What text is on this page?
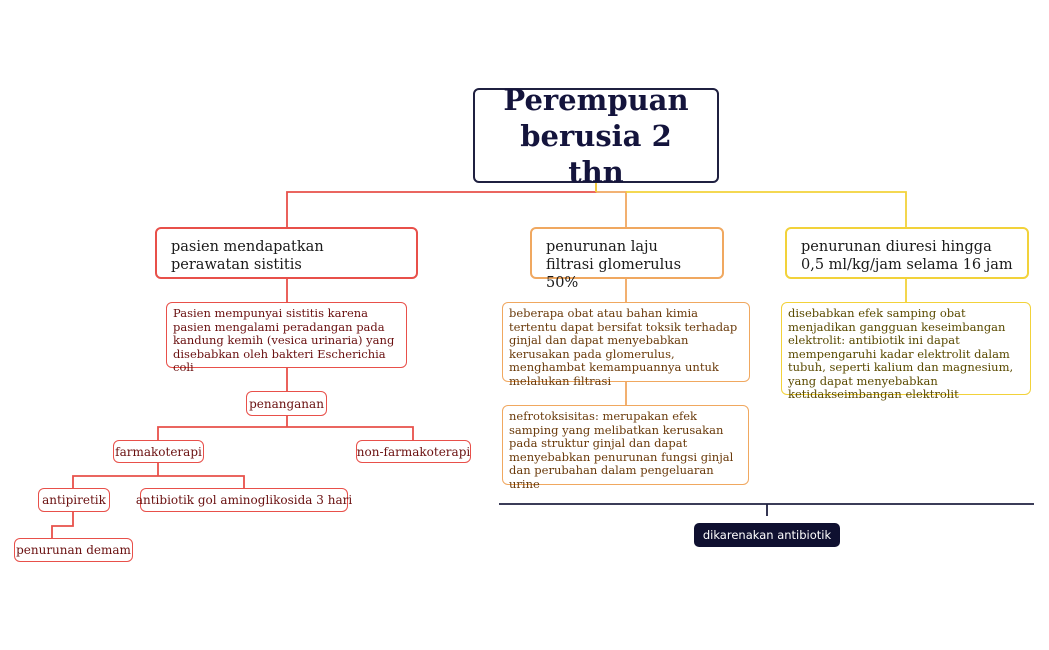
Perempuan berusia 2 thn
pasien mendapatkan perawatan sistitis
penurunan laju filtrasi glomerulus 50%
penurunan diuresi hingga 0,5 ml/kg/jam selama 16 jam
Pasien mempunyai sistitis karena pasien mengalami peradangan pada kandung kemih (vesica urinaria) yang disebabkan oleh bakteri Escherichia coli
beberapa obat atau bahan kimia tertentu dapat bersifat toksik terhadap ginjal dan dapat menyebabkan kerusakan pada glomerulus, menghambat kemampuannya untuk melalukan filtrasi
nefrotoksisitas: merupakan efek samping yang melibatkan kerusakan pada struktur ginjal dan dapat menyebabkan penurunan fungsi ginjal dan perubahan dalam pengeluaran urine
disebabkan efek samping obat menjadikan gangguan keseimbangan elektrolit: antibiotik ini dapat mempengaruhi kadar elektrolit dalam tubuh, seperti kalium dan magnesium, yang dapat menyebabkan ketidakseimbangan elektrolit
penanganan
farmakoterapi	non-farmakoterapi
antipiretik antibiotik gol aminoglikosida 3 hari
penurunan demam
dikarenakan antibiotik
